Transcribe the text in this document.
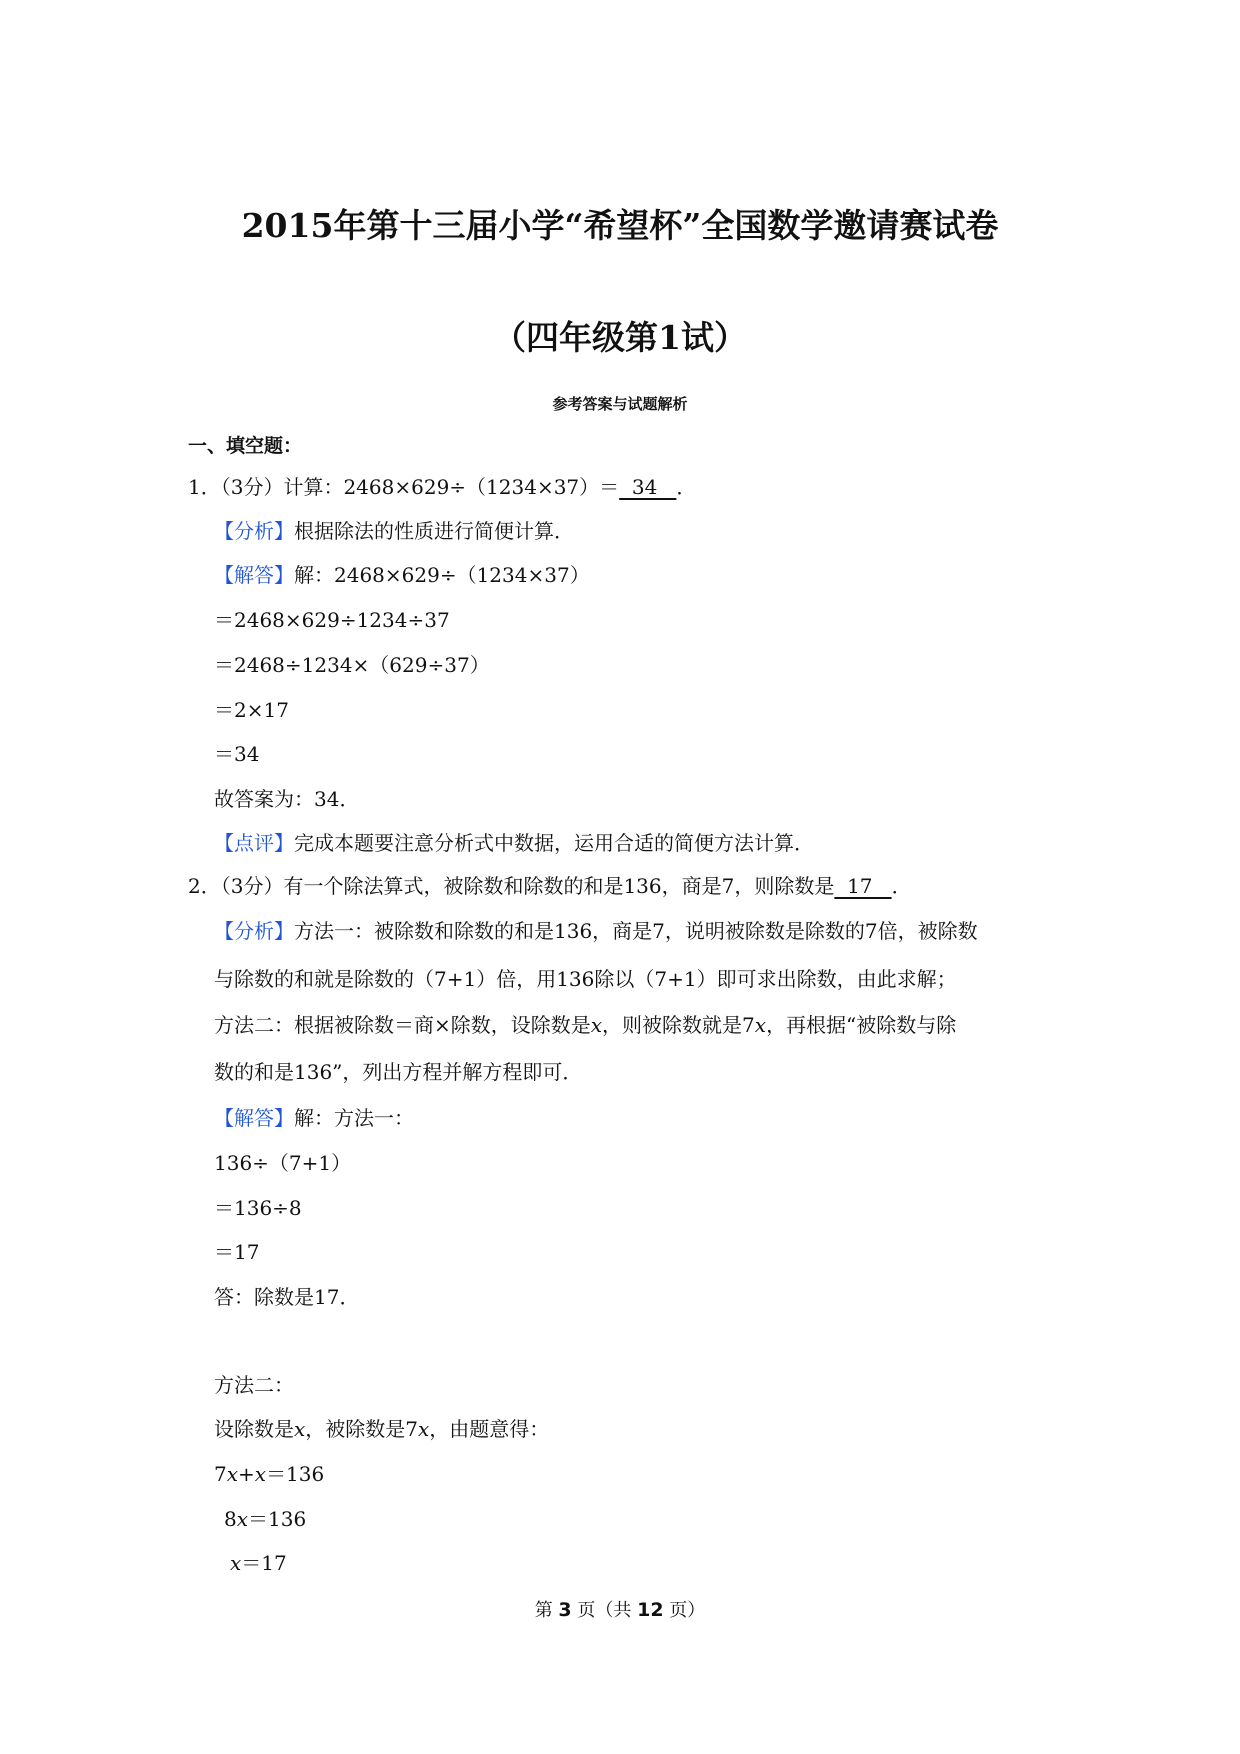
2015年第十三届小学“希望杯”全国数学邀请赛试卷
（四年级第1试）
参考答案与试题解析
一、填空题：
1．（3分）计算：2468×629÷（1234×37）＝  34   ．
【分析】根据除法的性质进行简便计算．
【解答】解：2468×629÷（1234×37）
＝2468×629÷1234÷37
＝2468÷1234×（629÷37）
＝2×17
＝34
故答案为：34．
【点评】完成本题要注意分析式中数据，运用合适的简便方法计算．
2．（3分）有一个除法算式，被除数和除数的和是136，商是7，则除数是  17   ．
【分析】方法一：被除数和除数的和是136，商是7，说明被除数是除数的7倍，被除数
与除数的和就是除数的（7+1）倍，用136除以（7+1）即可求出除数，由此求解；
方法二：根据被除数＝商×除数，设除数是x，则被除数就是7x，再根据“被除数与除
数的和是136”，列出方程并解方程即可．
【解答】解：方法一：
136÷（7+1）
＝136÷8
＝17
答：除数是17．
方法二：
设除数是x，被除数是7x，由题意得：
7x+x＝136
8x＝136
x＝17
第 3 页（共 12 页）
